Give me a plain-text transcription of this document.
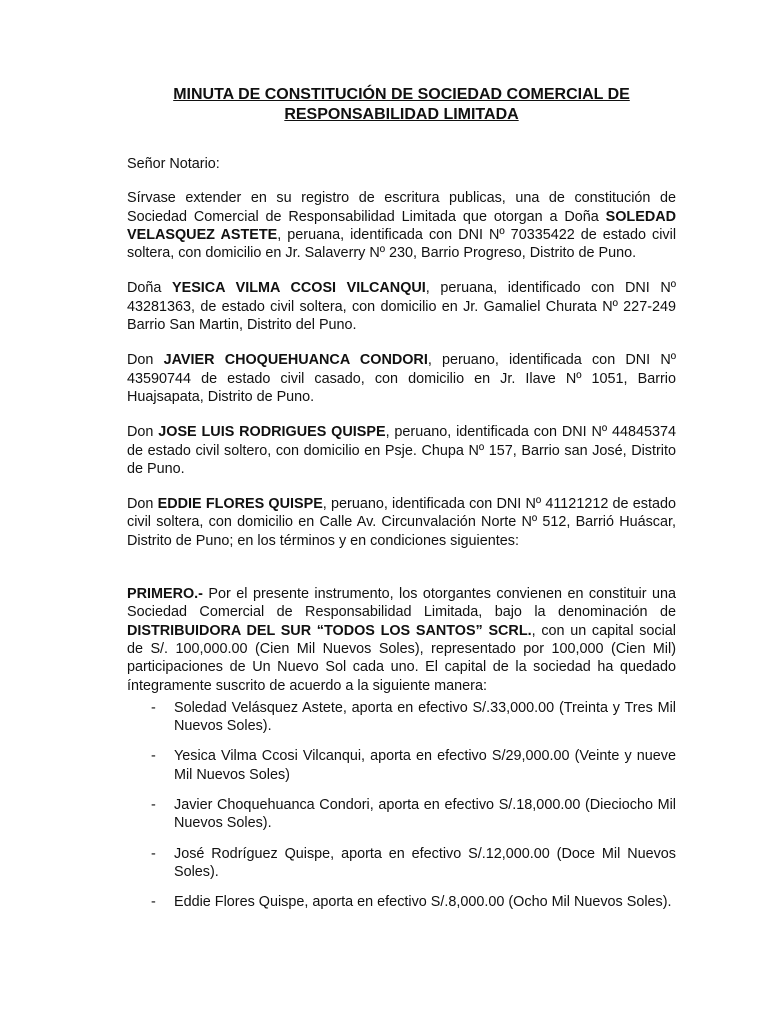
MINUTA DE CONSTITUCIÓN DE SOCIEDAD COMERCIAL DE
RESPONSABILIDAD LIMITADA

Señor Notario:

Sírvase extender en su registro de escritura publicas, una de constitución de Sociedad Comercial de Responsabilidad Limitada que otorgan a Doña SOLEDAD VELASQUEZ ASTETE, peruana, identificada con DNI Nº 70335422 de estado civil soltera, con domicilio en Jr. Salaverry Nº 230, Barrio Progreso, Distrito de Puno.

Doña YESICA VILMA CCOSI VILCANQUI, peruana, identificado con DNI Nº 43281363, de estado civil soltera, con domicilio en Jr. Gamaliel Churata Nº 227-249 Barrio San Martin, Distrito del Puno.

Don JAVIER CHOQUEHUANCA CONDORI, peruano, identificada con DNI Nº 43590744 de estado civil casado, con domicilio en Jr. Ilave Nº 1051, Barrio Huajsapata, Distrito de Puno.

Don JOSE LUIS RODRIGUES QUISPE, peruano, identificada con DNI Nº 44845374 de estado civil soltero, con domicilio en Psje. Chupa Nº 157, Barrio san José, Distrito de Puno.

Don EDDIE FLORES QUISPE, peruano, identificada con DNI Nº 41121212 de estado civil soltera, con domicilio en Calle Av. Circunvalación Norte Nº 512, Barrió Huáscar, Distrito de Puno; en los términos y en condiciones siguientes:

PRIMERO.- Por el presente instrumento, los otorgantes convienen en constituir una Sociedad Comercial de Responsabilidad Limitada, bajo la denominación de DISTRIBUIDORA DEL SUR “TODOS LOS SANTOS” SCRL., con un capital social de S/. 100,000.00 (Cien Mil Nuevos Soles), representado por 100,000 (Cien Mil) participaciones de Un Nuevo Sol cada uno. El capital de la sociedad ha quedado íntegramente suscrito de acuerdo a la siguiente manera:

- Soledad Velásquez Astete, aporta en efectivo S/.33,000.00 (Treinta y Tres Mil Nuevos Soles).
- Yesica Vilma Ccosi Vilcanqui, aporta en efectivo S/29,000.00 (Veinte y nueve Mil Nuevos Soles)
- Javier Choquehuanca Condori, aporta en efectivo S/.18,000.00 (Dieciocho Mil Nuevos Soles).
- José Rodríguez Quispe, aporta en efectivo S/.12,000.00 (Doce Mil Nuevos Soles).
- Eddie Flores Quispe, aporta en efectivo S/.8,000.00 (Ocho Mil Nuevos Soles).
